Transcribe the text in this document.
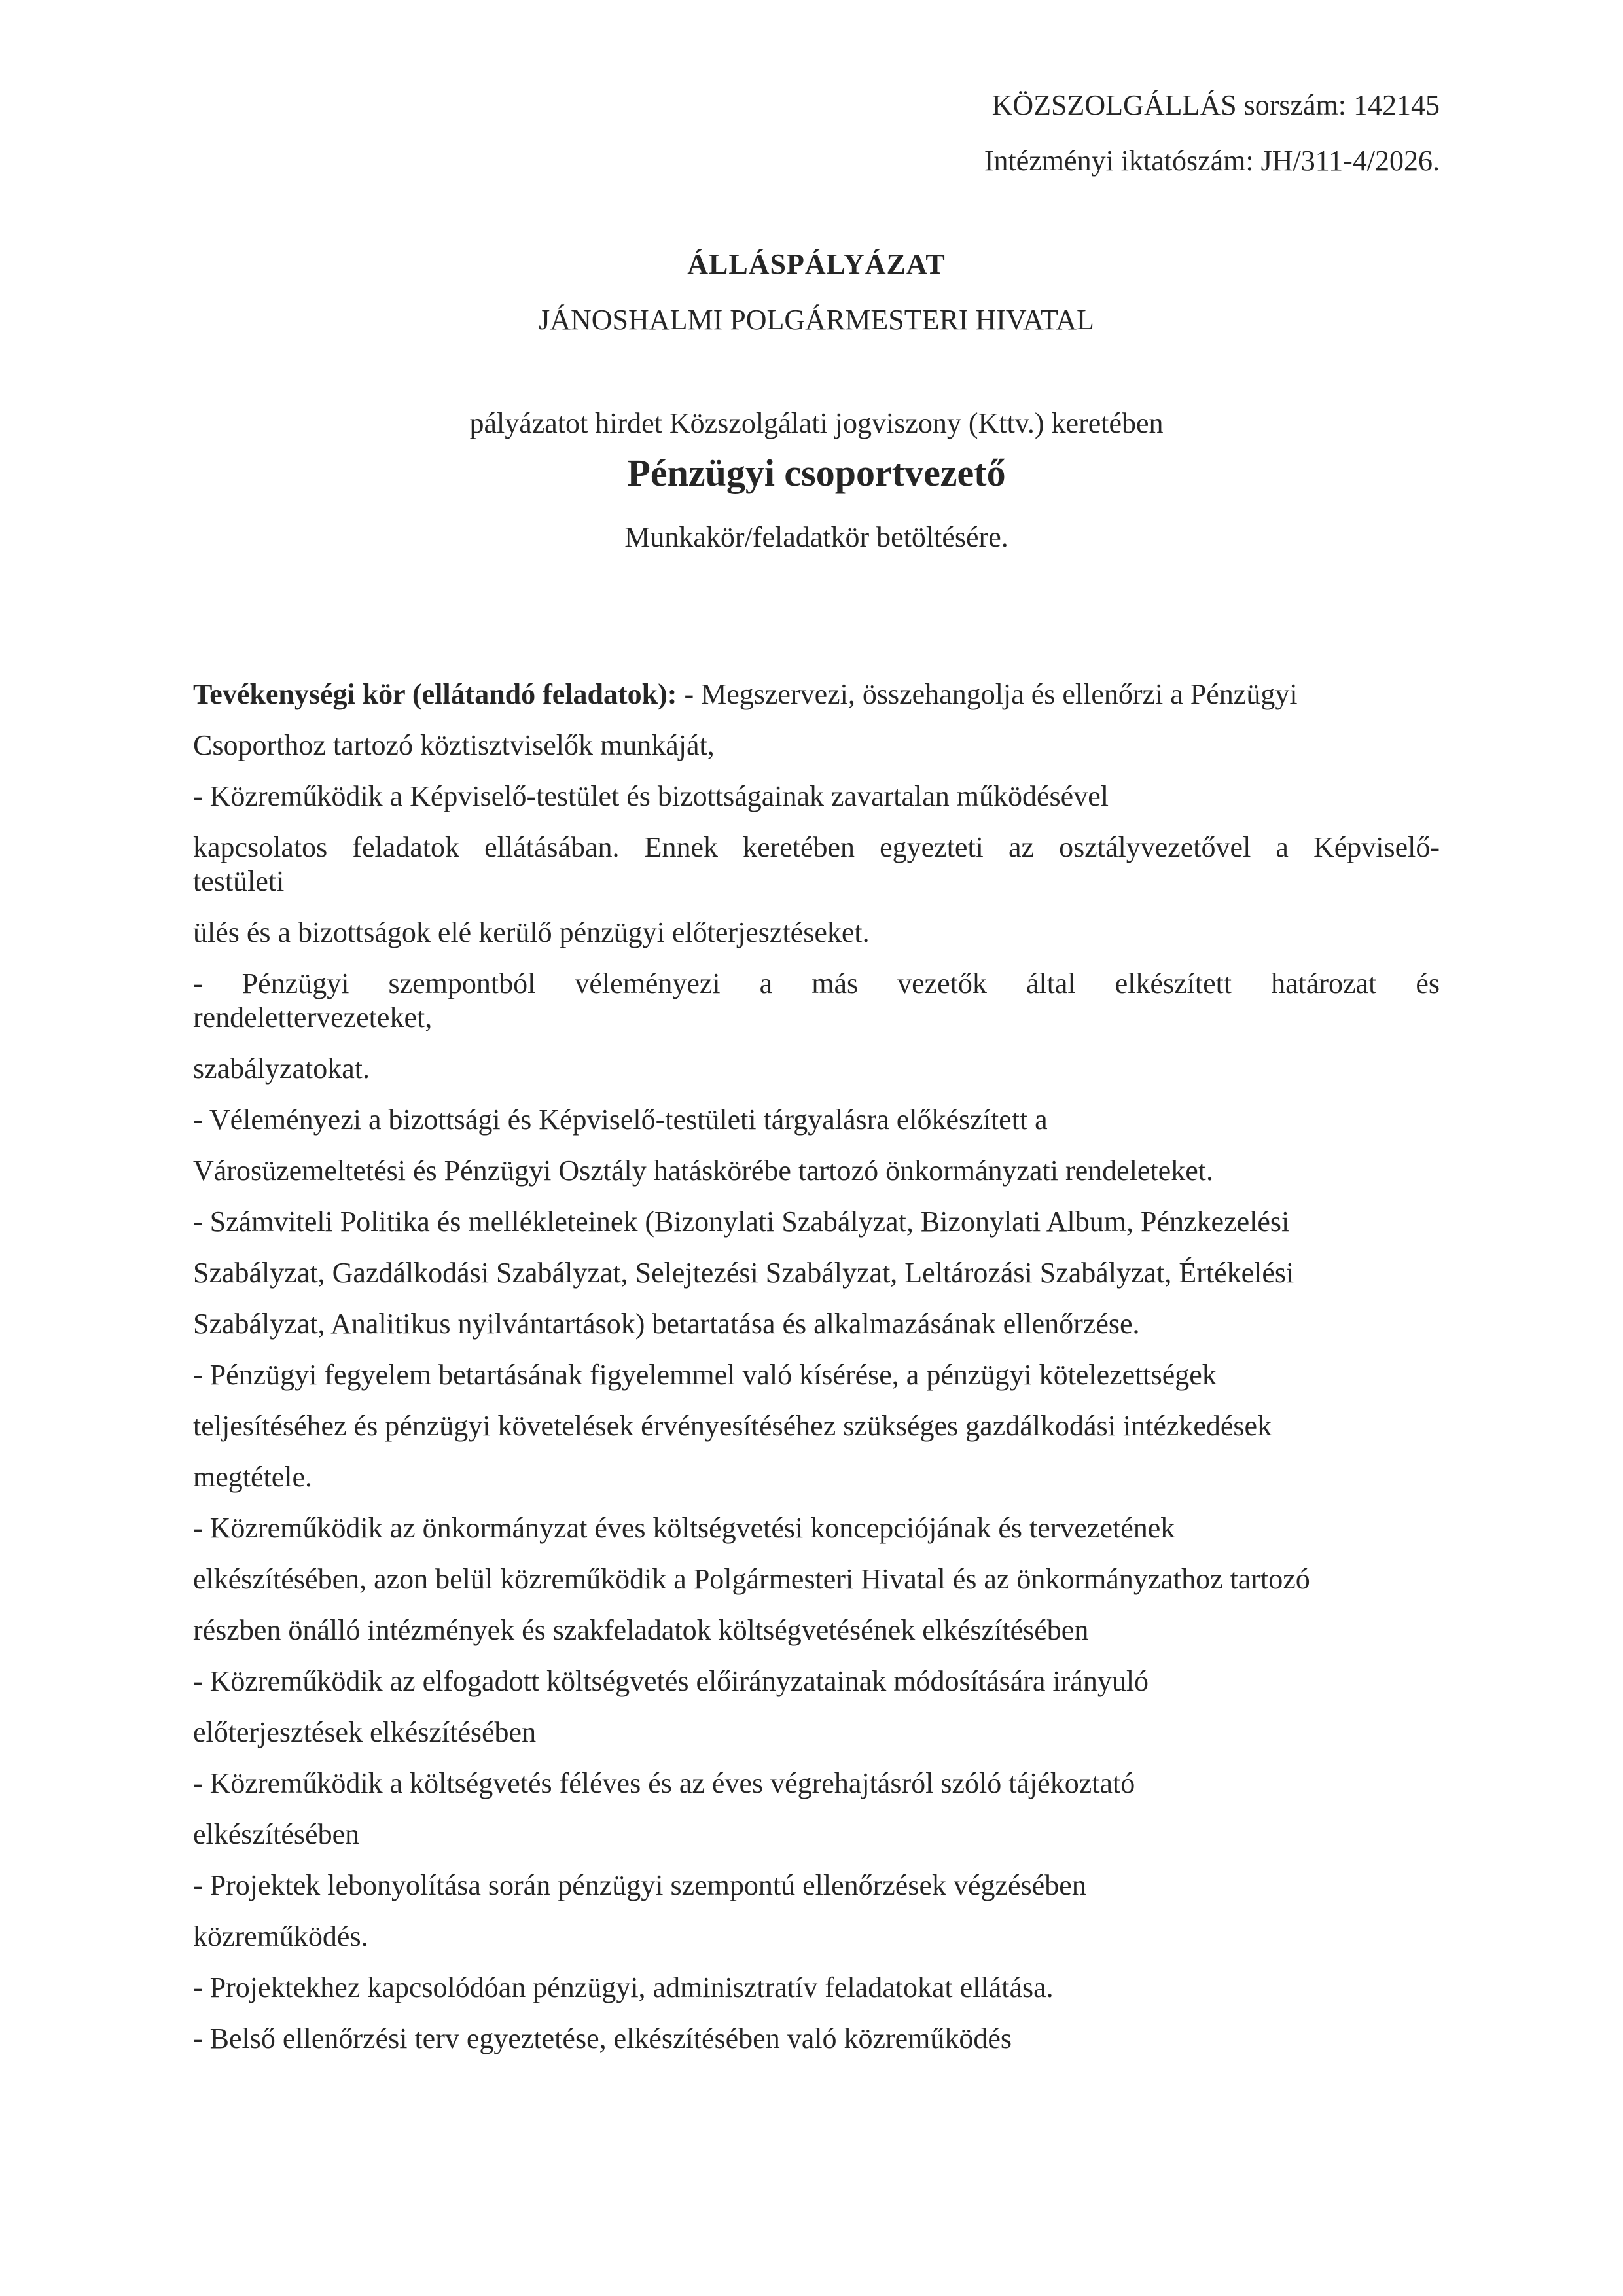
KÖZSZOLGÁLLÁS sorszám: 142145

Intézményi iktatószám: JH/311-4/2026.

ÁLLÁSPÁLYÁZAT
JÁNOSHALMI POLGÁRMESTERI HIVATAL

pályázatot hirdet Közszolgálati jogviszony (Kttv.) keretében

Pénzügyi csoportvezető

Munkakör/feladatkör betöltésére.

Tevékenységi kör (ellátandó feladatok): - Megszervezi, összehangolja és ellenőrzi a Pénzügyi

Csoporthoz tartozó köztisztviselők munkáját,

- Közreműködik a Képviselő-testület és bizottságainak zavartalan működésével

kapcsolatos feladatok ellátásában. Ennek keretében egyezteti az osztályvezetővel a Képviselő-

testületi

ülés és a bizottságok elé kerülő pénzügyi előterjesztéseket.

- Pénzügyi szempontból véleményezi a más vezetők által elkészített határozat és

rendelettervezeteket,

szabályzatokat.

- Véleményezi a bizottsági és Képviselő-testületi tárgyalásra előkészített a

Városüzemeltetési és Pénzügyi Osztály hatáskörébe tartozó önkormányzati rendeleteket.

- Számviteli Politika és mellékleteinek (Bizonylati Szabályzat, Bizonylati Album, Pénzkezelési

Szabályzat, Gazdálkodási Szabályzat, Selejtezési Szabályzat, Leltározási Szabályzat, Értékelési

Szabályzat, Analitikus nyilvántartások) betartatása és alkalmazásának ellenőrzése.

- Pénzügyi fegyelem betartásának figyelemmel való kísérése, a pénzügyi kötelezettségek

teljesítéséhez és pénzügyi követelések érvényesítéséhez szükséges gazdálkodási intézkedések

megtétele.

- Közreműködik az önkormányzat éves költségvetési koncepciójának és tervezetének

elkészítésében, azon belül közreműködik a Polgármesteri Hivatal és az önkormányzathoz tartozó

részben önálló intézmények és szakfeladatok költségvetésének elkészítésében

- Közreműködik az elfogadott költségvetés előirányzatainak módosítására irányuló

előterjesztések elkészítésében

- Közreműködik a költségvetés féléves és az éves végrehajtásról szóló tájékoztató

elkészítésében

- Projektek lebonyolítása során pénzügyi szempontú ellenőrzések végzésében

közreműködés.

- Projektekhez kapcsolódóan pénzügyi, adminisztratív feladatokat ellátása.

- Belső ellenőrzési terv egyeztetése, elkészítésében való közreműködés
